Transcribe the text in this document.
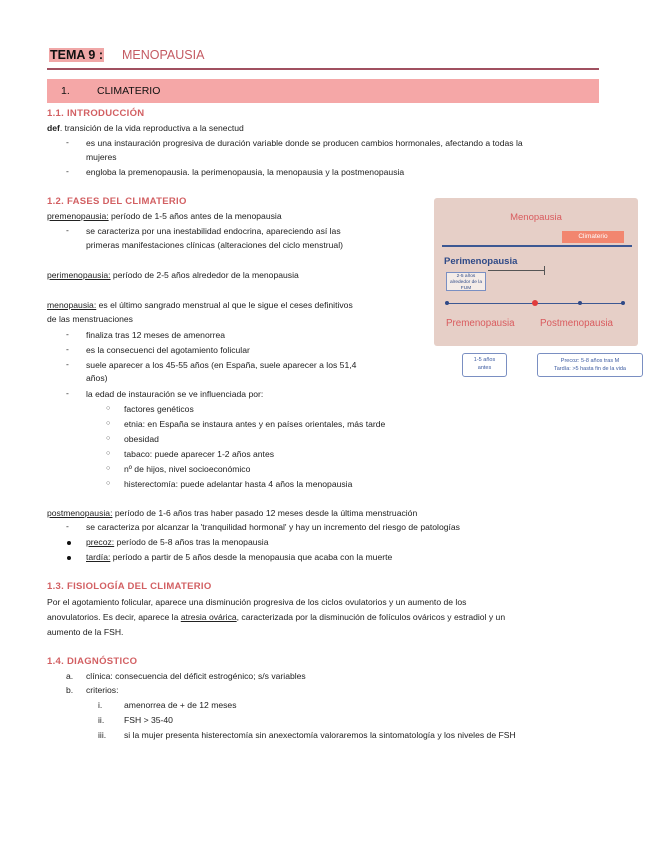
TEMA 9 : MENOPAUSIA
1.	CLIMATERIO
1.1. INTRODUCCIÓN
def. transición de la vida reproductiva a la senectud
- es una instauración progresiva de duración variable donde se producen cambios hormonales, afectando a todas la
mujeres
- engloba la premenopausia. la perimenopausia, la menopausia y la postmenopausia
1.2. FASES DEL CLIMATERIO
premenopausia: período de 1-5 años antes de la menopausia
- se caracteriza por una inestabilidad endocrina, apareciendo así las
primeras manifestaciones clínicas (alteraciones del ciclo menstrual)
perimenopausia: período de 2-5 años alrededor de la menopausia
menopausia: es el último sangrado menstrual al que le sigue el ceses definitivos
de las menstruaciones
- finaliza tras 12 meses de amenorrea
- es la consecuenci del agotamiento folicular
- suele aparecer a los 45-55 años (en España, suele aparecer a los 51,4
años)
- la edad de instauración se ve influenciada por:
○ factores genéticos
○ etnia: en España se instaura antes y en países orientales, más tarde
○ obesidad
○ tabaco: puede aparecer 1-2 años antes
○ nº de hijos, nivel socioeconómico
○ histerectomía: puede adelantar hasta 4 años la menopausia
postmenopausia: período de 1-6 años tras haber pasado 12 meses desde la última menstruación
- se caracteriza por alcanzar la 'tranquilidad hormonal' y hay un incremento del riesgo de patologías
precoz: período de 5-8 años tras la menopausia
tardía: período a partir de 5 años desde la menopausia que acaba con la muerte
Menopausia
Climaterio
Perimenopausia
2-5 años
alrededor de la FUM
Premenopausia	Postmenopausia
1-5 años
antes
Precoz: 5-8 años tras M
Tardía: >5 hasta fin de la vida
1.3. FISIOLOGÍA DEL CLIMATERIO
Por el agotamiento folicular, aparece una disminución progresiva de los ciclos ovulatorios y un aumento de los
anovulatorios. Es decir, aparece la atresia ovárica, caracterizada por la disminución de folículos ováricos y estradiol y un
aumento de la FSH.
1.4. DIAGNÓSTICO
a. clínica: consecuencia del déficit estrogénico; s/s variables
b. criterios:
i.	amenorrea de + de 12 meses
ii. FSH > 35-40
iii. si la mujer presenta histerectomía sin anexectomía valoraremos la sintomatología y los niveles de FSH
